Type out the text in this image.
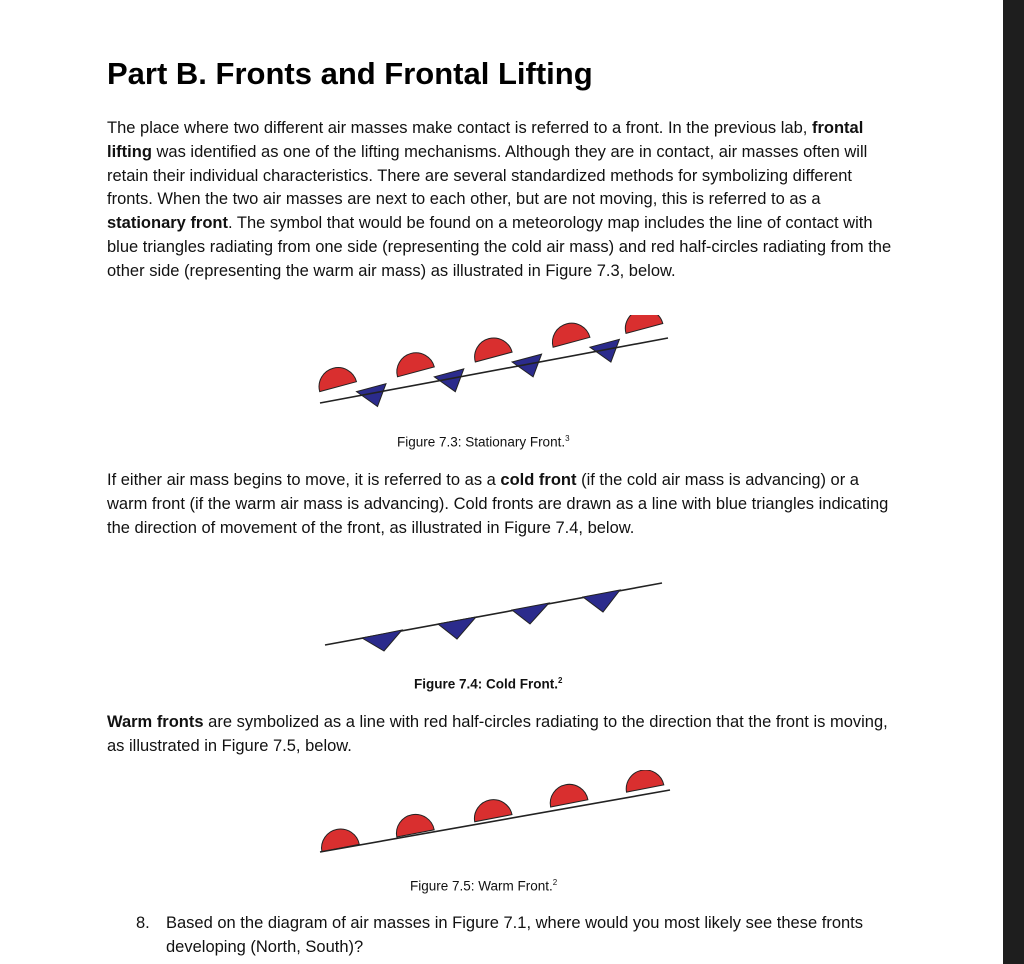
Part B. Fronts and Frontal Lifting

The place where two different air masses make contact is referred to a front. In the previous lab, frontal lifting was identified as one of the lifting mechanisms. Although they are in contact, air masses often will retain their individual characteristics. There are several standardized methods for symbolizing different fronts. When the two air masses are next to each other, but are not moving, this is referred to as a stationary front. The symbol that would be found on a meteorology map includes the line of contact with blue triangles radiating from one side (representing the cold air mass) and red half-circles radiating from the other side (representing the warm air mass) as illustrated in Figure 7.3, below.

Figure 7.3: Stationary Front.$^3$

If either air mass begins to move, it is referred to as a cold front (if the cold air mass is advancing) or a warm front (if the warm air mass is advancing). Cold fronts are drawn as a line with blue triangles indicating the direction of movement of the front, as illustrated in Figure 7.4, below.

Figure 7.4: Cold Front.$^2$

Warm fronts are symbolized as a line with red half-circles radiating to the direction that the front is moving, as illustrated in Figure 7.5, below.

Figure 7.5: Warm Front.$^2$

8. Based on the diagram of air masses in Figure 7.1, where would you most likely see these fronts developing (North, South)?
